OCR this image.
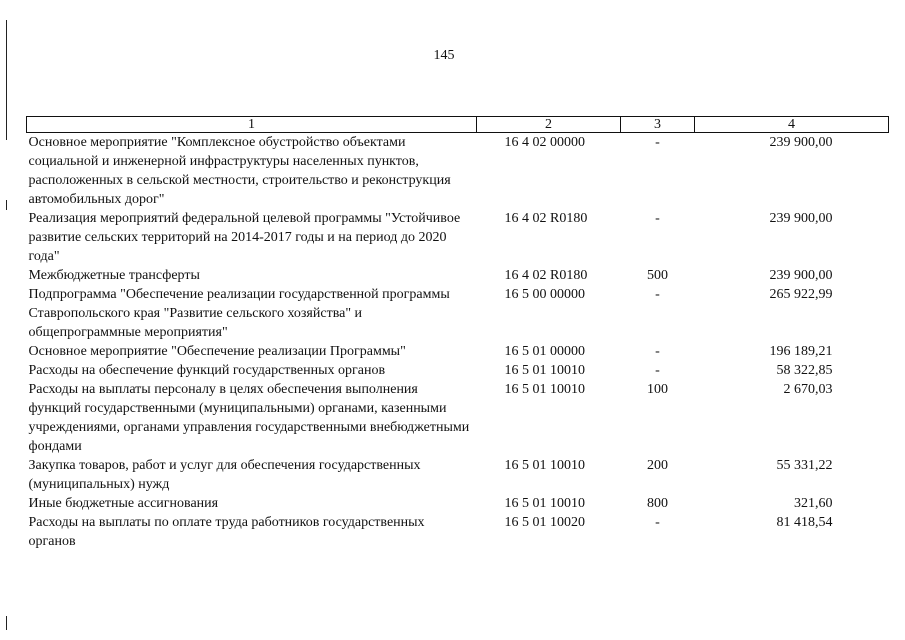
145
1	2	3	4
Основное мероприятие "Комплексное обустройство объектами социальной и инженерной инфраструктуры населенных пунктов, расположенных в сельской местности, строительство и реконструкция автомобильных дорог"	16 4 02 00000	-	239 900,00
Реализация мероприятий федеральной целевой программы "Устойчивое развитие сельских территорий на 2014-2017 годы и на период до 2020 года"	16 4 02 R0180	-	239 900,00
Межбюджетные трансферты	16 4 02 R0180	500	239 900,00
Подпрограмма "Обеспечение реализации государственной программы Ставропольского края "Развитие сельского хозяйства" и общепрограммные мероприятия"	16 5 00 00000	-	265 922,99
Основное мероприятие "Обеспечение реализации Программы"	16 5 01 00000	-	196 189,21
Расходы на обеспечение функций государственных органов	16 5 01 10010	-	58 322,85
Расходы на выплаты персоналу в целях обеспечения выполнения функций государственными (муниципальными) органами, казенными учреждениями, органами управления государственными внебюджетными фондами	16 5 01 10010	100	2 670,03
Закупка товаров, работ и услуг для обеспечения государственных (муниципальных) нужд	16 5 01 10010	200	55 331,22
Иные бюджетные ассигнования	16 5 01 10010	800	321,60
Расходы на выплаты по оплате труда работников государственных органов	16 5 01 10020	-	81 418,54
